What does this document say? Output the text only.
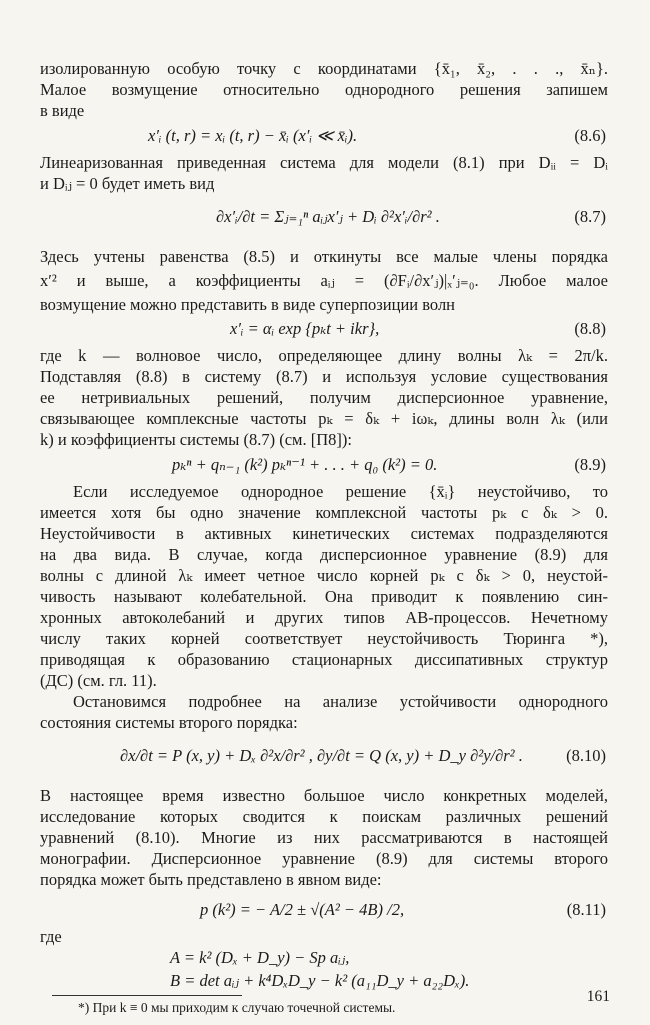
изолированную особую точку с координатами {x̄₁, x̄₂, . . ., x̄ₙ}.

Малое возмущение относительно однородного решения запишем

в виде

x′ᵢ (t, r) = xᵢ (t, r) − x̄ᵢ (x′ᵢ ≪ x̄ᵢ).	(8.6)

Линеаризованная приведенная система для модели (8.1) при Dᵢᵢ = Dᵢ

и Dᵢⱼ = 0 будет иметь вид

∂x′ᵢ/∂t = Σⱼ₌₁ⁿ aᵢⱼx′ⱼ + Dᵢ ∂²x′ᵢ/∂r² .	(8.7)

Здесь учтены равенства (8.5) и откинуты все малые члены порядка

x′² и выше, а коэффициенты aᵢⱼ = (∂Fᵢ/∂x′ⱼ)|ₓ′ⱼ₌₀. Любое малое

возмущение можно представить в виде суперпозиции волн

x′ᵢ = αᵢ exp {pₖt + ikr},	(8.8)

где k — волновое число, определяющее длину волны λₖ = 2π/k.

Подставляя (8.8) в систему (8.7) и используя условие существования

ее нетривиальных решений, получим дисперсионное уравнение,

связывающее комплексные частоты pₖ = δₖ + iωₖ, длины волн λₖ (или

k) и коэффициенты системы (8.7) (см. [П8]):

pₖⁿ + qₙ₋₁ (k²) pₖⁿ⁻¹ + . . . + q₀ (k²) = 0.	(8.9)

Если исследуемое однородное решение {x̄ᵢ} неустойчиво, то

имеется хотя бы одно значение комплексной частоты pₖ с δₖ > 0.

Неустойчивости в активных кинетических системах подразделяются

на два вида. В случае, когда дисперсионное уравнение (8.9) для

волны с длиной λₖ имеет четное число корней pₖ с δₖ > 0, неустой-

чивость называют колебательной. Она приводит к появлению син-

хронных автоколебаний и других типов АВ-процессов. Нечетному

числу таких корней соответствует неустойчивость Тюринга *),

приводящая к образованию стационарных диссипативных структур

(ДС) (см. гл. 11).

Остановимся подробнее на анализе устойчивости однородного

состояния системы второго порядка:

∂x/∂t = P (x, y) + Dₓ ∂²x/∂r² , ∂y/∂t = Q (x, y) + D_y ∂²y/∂r² .	(8.10)

В настоящее время известно большое число конкретных моделей,

исследование которых сводится к поискам различных решений

уравнений (8.10). Многие из них рассматриваются в настоящей

монографии. Дисперсионное уравнение (8.9) для системы второго

порядка может быть представлено в явном виде:

p (k²) = − A/2 ± √(A² − 4B) /2,	(8.11)

где

A = k² (Dₓ + D_y) − Sp aᵢⱼ,
B = det aᵢⱼ + k⁴DₓD_y − k² (a₁₁D_y + a₂₂Dₓ).

*) При k ≡ 0 мы приходим к случаю точечной системы.

161
